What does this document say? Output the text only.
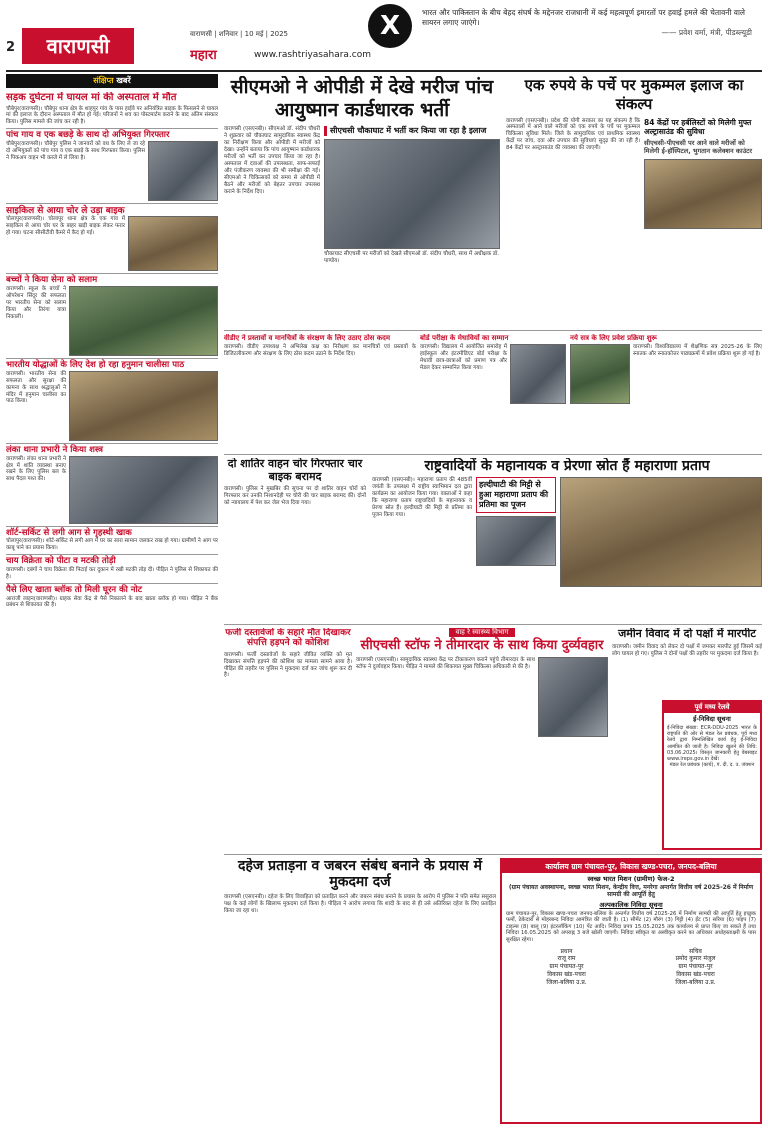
2	वाराणसी	वाराणसी | शनिवार | 10 मई | 2025
महारा	www.rashtriyasahara.com
X	भारत और पाकिस्तान के बीच बेहद संघर्ष के मद्देनजर राजधानी में कई महत्वपूर्ण इमारतों पर हवाई हमले की चेतावनी वाले सायरन लगाए जाएंगे।
—— प्रवेश वर्मा, मंत्री, पीडब्ल्यूडी
संक्षिप्त खबरें
सड़क दुर्घटना में घायल मां की अस्पताल में मौत

चौबेपुर(वाराणसी)। चौबेपुर थाना क्षेत्र के शाहपुर गांव के पास हाईवे पर अनियंत्रित बाइक के फिसलने से घायल मां की इलाज के दौरान अस्पताल में मौत हो गई। परिजनों ने शव का पोस्टमार्टम कराने के बाद अंतिम संस्कार किया। पुलिस मामले की जांच कर रही है।

पांच गाय व एक बछड़े के साथ दो अभियुक्त गिरफ्तार

चौबेपुर(वाराणसी)। चौबेपुर पुलिस ने जानवरों को वध के लिए ले जा रहे दो अभियुक्तों को पांच गाय व एक बछड़े के साथ गिरफ्तार किया। पुलिस ने पिकअप वाहन भी कब्जे में ले लिया है।

साइकिल से आया चोर ले उड़ा बाइक

चोलापुर(वाराणसी)। चोलापुर थाना क्षेत्र के एक गांव में साइकिल से आया चोर घर के बाहर खड़ी बाइक लेकर फरार हो गया। घटना सीसीटीवी कैमरे में कैद हो गई।

बच्चों ने किया सेना को सलाम

वाराणसी। स्कूल के बच्चों ने ऑपरेशन सिंदूर की सफलता पर भारतीय सेना को सलाम किया और तिरंगा यात्रा निकाली।

भारतीय योद्धाओं के लिए देश हो रहा हनुमान चालीसा पाठ

वाराणसी। भारतीय सेना की सफलता और सुरक्षा की कामना के साथ श्रद्धालुओं ने मंदिर में हनुमान चालीसा का पाठ किया।

लंका थाना प्रभारी ने किया शस्त्र

वाराणसी। लंका थाना प्रभारी ने क्षेत्र में शांति व्यवस्था बनाए रखने के लिए पुलिस बल के साथ पैदल गश्त की।

शॉर्ट-सर्किट से लगी आग से गृहस्थी खाक

चोलापुर(वाराणसी)। शॉर्ट-सर्किट से लगी आग में घर का सारा सामान जलकर राख हो गया। ग्रामीणों ने आग पर काबू पाने का प्रयास किया।

चाय विक्रेता को पीटा व मटकी तोड़ी

वाराणसी। दबंगों ने चाय विक्रेता की पिटाई कर दुकान में रखी मटकी तोड़ दी। पीड़ित ने पुलिस से शिकायत की है।

पैसे लिए खाता ब्लॉक तो मिली घूरन की नोट

आराजी लाइन(वाराणसी)। ग्राहक सेवा केंद्र से पैसे निकालने के बाद खाता ब्लॉक हो गया। पीड़ित ने बैंक प्रबंधन से शिकायत की है।

सीएमओ ने ओपीडी में देखे मरीज पांच आयुष्मान कार्डधारक भर्ती

वाराणसी (एसएनबी)। सीएमओ डॉ. संदीप चौधरी ने शुक्रवार को चौकाघाट सामुदायिक स्वास्थ्य केंद्र का निरीक्षण किया और ओपीडी में मरीजों को देखा। उन्होंने बताया कि पांच आयुष्मान कार्डधारक मरीजों को भर्ती कर उपचार किया जा रहा है। अस्पताल में दवाओं की उपलब्धता, साफ-सफाई और पंजीकरण व्यवस्था की भी समीक्षा की गई। सीएमओ ने चिकित्सकों को समय से ओपीडी में बैठने और मरीजों को बेहतर उपचार उपलब्ध कराने के निर्देश दिए।

सीएचसी चौकाघाट में भर्ती कर किया जा रहा है इलाज
चौकाघाट सीएचसी पर मरीजों को देखते सीएमओ डॉ. संदीप चौधरी, साथ में अधीक्षक डॉ. पाण्डेय।
एक रुपये के पर्चे पर मुकम्मल इलाज का संकल्प

वाराणसी (एसएनबी)। प्रदेश की योगी सरकार का यह संकल्प है कि अस्पतालों में आने वाले मरीजों को एक रुपये के पर्चे पर मुकम्मल चिकित्सा सुविधा मिले। जिले के सामुदायिक एवं प्राथमिक स्वास्थ्य केंद्रों पर जांच, दवा और उपचार की सुविधाएं सुदृढ़ की जा रही हैं। 84 केंद्रों पर अल्ट्रासाउंड की व्यवस्था की जाएगी।

84 केंद्रों पर हर्बलिस्टों को मिलेगी मुफ्त अल्ट्रासाउंड की सुविधा
सीएचसी-पीएचसी पर आने वाले मरीजों को मिलेगी ई-हॉस्पिटल, भुगतान कलेक्शन काउंटर
वीडीए ने प्रस्तावों व मानचित्रों के संरक्षण के लिए उठाए ठोस कदम

वाराणसी। वीडीए उपाध्यक्ष ने अभिलेख कक्ष का निरीक्षण कर मानचित्रों एवं प्रस्तावों के डिजिटलीकरण और संरक्षण के लिए ठोस कदम उठाने के निर्देश दिए।

बोर्ड परीक्षा के मेधावियों का सम्मान

वाराणसी। विद्यालय में आयोजित समारोह में हाईस्कूल और इंटरमीडिएट बोर्ड परीक्षा के मेधावी छात्र-छात्राओं को प्रमाण पत्र और मेडल देकर सम्मानित किया गया।

नये सत्र के लिए प्रवेश प्रक्रिया शुरू

वाराणसी। विश्वविद्यालय में शैक्षणिक सत्र 2025-26 के लिए स्नातक और स्नातकोत्तर पाठ्यक्रमों में प्रवेश प्रक्रिया शुरू हो गई है।

दो शातिर वाहन चोर गिरफ्तार चार बाइक बरामद

वाराणसी। पुलिस ने मुखबिर की सूचना पर दो शातिर वाहन चोरों को गिरफ्तार कर उनकी निशानदेही पर चोरी की चार बाइक बरामद कीं। दोनों को न्यायालय में पेश कर जेल भेज दिया गया।

राष्ट्रवादियों के महानायक व प्रेरणा स्रोत हैं महाराणा प्रताप

वाराणसी (एसएनबी)। महाराणा प्रताप की 485वीं जयंती के उपलक्ष्य में राष्ट्रीय स्वाभिमान दल द्वारा कार्यक्रम का आयोजन किया गया। वक्ताओं ने कहा कि महाराणा प्रताप राष्ट्रवादियों के महानायक व प्रेरणा स्रोत हैं। हल्दीघाटी की मिट्टी से प्रतिमा का पूजन किया गया।

हल्दीघाटी की मिट्टी से हुआ महाराणा प्रताप की प्रतिमा का पूजन
फर्जी दस्तावेजों के सहारे मौत दिखाकर संपत्ति हड़पने को कोशिश

वाराणसी। फर्जी दस्तावेजों के सहारे जीवित व्यक्ति को मृत दिखाकर संपत्ति हड़पने की कोशिश का मामला सामने आया है। पीड़ित की तहरीर पर पुलिस ने मुकदमा दर्ज कर जांच शुरू कर दी है।

वाह रे स्वास्थ्य विभाग
सीएचसी स्टॉफ ने तीमारदार के साथ किया दुर्व्यवहार

वाराणसी (एसएनबी)। सामुदायिक स्वास्थ्य केंद्र पर टीकाकरण कराने पहुंचे तीमारदार के साथ स्टॉफ ने दुर्व्यवहार किया। पीड़ित ने मामले की शिकायत मुख्य चिकित्सा अधिकारी से की है।

जमीन विवाद में दो पक्षों में मारपीट

वाराणसी। जमीन विवाद को लेकर दो पक्षों में जमकर मारपीट हुई जिसमें कई लोग घायल हो गए। पुलिस ने दोनों पक्षों की तहरीर पर मुकदमा दर्ज किया है।

पूर्व मध्य रेलवे
ई-निविदा सूचना

ई-निविदा संख्या: ECR-DDU-2025 भारत के राष्ट्रपति की ओर से मंडल रेल प्रबंधक, पूर्व मध्य रेलवे द्वारा निम्नलिखित कार्य हेतु ई-निविदा आमंत्रित की जाती है। निविदा खुलने की तिथि: 03.06.2025। विस्तृत जानकारी हेतु वेबसाइट www.ireps.gov.in देखें।

मंडल रेल प्रबंधक (कार्य), पं. दी. द. उ. जंक्शन
दहेज प्रताड़ना व जबरन संबंध बनाने के प्रयास में मुकदमा दर्ज

वाराणसी (एसएनबी)। दहेज के लिए विवाहिता को प्रताड़ित करने और जबरन संबंध बनाने के प्रयास के आरोप में पुलिस ने पति समेत ससुराल पक्ष के कई लोगों के खिलाफ मुकदमा दर्ज किया है। पीड़िता ने आरोप लगाया कि शादी के बाद से ही उसे अतिरिक्त दहेज के लिए प्रताड़ित किया जा रहा था।

कार्यालय ग्राम पंचायत-पुर, विकास खण्ड-पचरा, जनपद-बलिया
स्वच्छ भारत मिशन (ग्रामीण) फेज-2
(ग्राम पंचायत अवस्थापना, स्वच्छ भारत मिशन, केन्द्रीय वित्त, मनरेगा अन्तर्गत वित्तीय वर्ष 2025-26 में निर्माण सामग्री की आपूर्ति हेतु
अल्पकालिक निविदा सूचना

ग्राम पंचायत-पुर, विकास खण्ड-पचरा जनपद-बलिया के अन्तर्गत वित्तीय वर्ष 2025-26 में निर्माण सामग्री की आपूर्ति हेतु इच्छुक फर्मों, ठेकेदारों से मोहरबन्द निविदा आमंत्रित की जाती है। (1) सीमेंट (2) मौरंग (3) गिट्टी (4) ईंट (5) सरिया (6) पाइप (7) टाइल्स (8) बालू (9) इंटरलॉकिंग (10) पेंट आदि। निविदा प्रपत्र 15.05.2025 तक कार्यालय से प्राप्त किए जा सकते हैं तथा निविदा 16.05.2025 को अपराह्न 3 बजे खोली जाएगी। निविदा स्वीकृत या अस्वीकृत करने का अधिकार अधोहस्ताक्षरी के पास सुरक्षित रहेगा।

प्रधान
राजू राम
ग्राम पंचायत-पुर
विकास खंड-पचरा
जिला-बलिया उ.प्र.
सचिव
प्रमोद कुमार मंजुल
ग्राम पंचायत-पुर
विकास खंड-पचरा
जिला-बलिया उ.प्र.
